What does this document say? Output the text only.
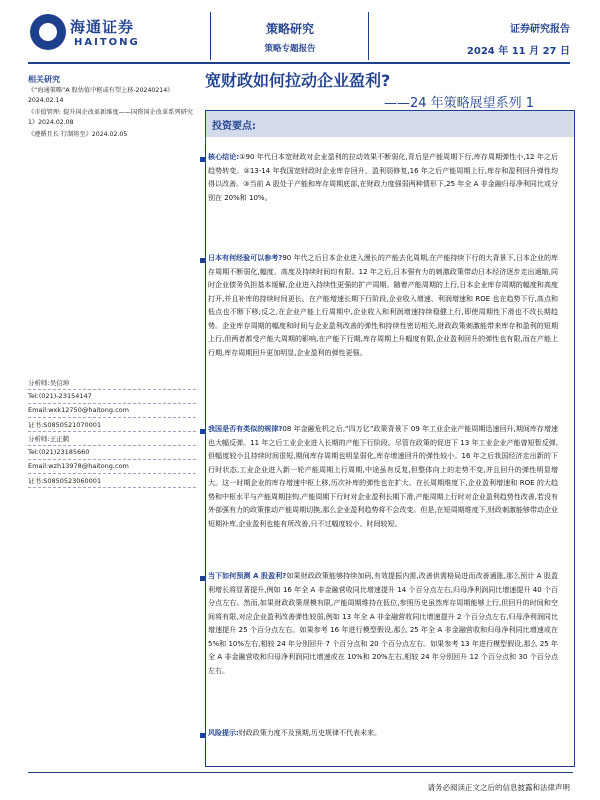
海通证券
HAITONG
策略研究
策略专题报告
证券研究报告
2024 年 11 月 27 日
宽财政如何拉动企业盈利?
——24 年策略展望系列 1
相关研究
《“海通策略”A 股估值中枢或有望上移-20240214》2024.02.14
《市值管理: 提升国企改革新维度——国资国企改革系列研究 1》2024.02.08
《遵循且长 行制将至》2024.02.05
分析师:吴信坤
Tel:(021)-23154147
Email:wxk12750@haitong.com
证书:S0850521070001
分析师:王正鹤
Tel:(021)23185660
Email:wzh13978@haitong.com
证书:S0850523060001
投资要点:
核心结论:①90 年代日本宽财政对企业盈利的拉动效果不断弱化,背后是产能周期下行,库存周期弹性小,12 年之后趋势转变。②13-14 年我国宽财政时企业库存回升、盈利弱修复,16 年之后产能周期上行,库存和盈利回升弹性均得以改善。③当前 A 股处于产能和库存周期底部,在财政力度强弱两种情形下,25 年全 A 非金融归母净利同比或分别在 20%和 10%。
日本有何经验可以参考?90 年代之后日本企业进入漫长的产能去化周期,在产能持续下行的大背景下,日本企业的库存周期不断弱化,幅度、高度及持续时间均有限。12 年之后,日本强有力的刺激政策带动日本经济逐步走出通缩,同时企业债务负担基本缓解,企业进入持续性更强的扩产周期。随着产能周期的上行,日本企业库存周期的幅度和高度打开,并且补库的持续时间更长。在产能增速长期下行阶段,企业收入增速、利润增速和 ROE 也在趋势下行,高点和低点也不断下移;反之,在企业产能上行周期中,企业收入和利润增速持续稳健上行,即使周期性下滑也不改长期趋势。企业库存周期的幅度和时间与企业盈利改善的弹性和持续性密切相关,财政政策刺激能带来库存和盈利的短期上行,但两者都受产能大周期的影响,在产能下行期,库存周期上升幅度有限,企业盈利回升的弹性也有限,而在产能上行期,库存周期回升更加明显,企业盈利的弹性更强。
我国是否有类似的规律?08 年金融危机之后,“四万亿”政策背景下 09 年工业企业产能周期迅速回升,期间库存增速也大幅反弹。11 年之后工业企业进入长期的产能下行阶段。尽管在政策的促进下 13 年工业企业产能曾短暂反弹,但幅度较小且持续时间很短,期间库存周期也明显弱化,库存增速回升的弹性较小。16 年之后我国经济走出新的下行时状态,工业企业进入新一轮产能周期上行周期,中途虽有反复,但整体向上的走势不变,并且回升的弹性明显增大。这一时期企业的库存增速中枢上移,历次补库的弹性也在扩大。在长周期维度下,企业盈利增速和 ROE 的大趋势和中枢水平与产能周期挂钩,产能周期下行时对企业盈利长期下滑,产能周期上行时对企业盈利趋势性改善,若没有外部强有力的政策推动产能周期切换,那么企业盈利趋势将不会改变。但是,在短周期维度下,财政刺激能够带动企业短期补库,企业盈利也能有所改善,只不过幅度较小、时间较短。
当下如何预测 A 股盈利?如果财政政策能够持续加码,有效提振内需,改善供需格局进而改善通胀,那么预计 A 股盈利增长将显著提升,例如 16 年全 A 非金融营收同比增速提升 14 个百分点左右,归母净利润同比增速提升 40 个百分点左右。然而,如果财政政策规模有限,产能周期维持在低位,参照历史虽然库存周期能够上行,但回升的时间和空间将有限,对应企业盈利改善弹性较弱,例如 13 年全 A 非金融营收同比增速提升 2 个百分点左右,归母净利润同比增速提升 25 个百分点左右。如果参考 16 年进行模型假设,那么 25 年全 A 非金融营收和归母净利同比增速或在 5%和 10%左右,相较 24 年分别回升 7 个百分点和 20 个百分点左右。如果参考 13 年进行模型假设,那么 25 年全 A 非金融营收和归母净利润同比增速或在 10%和 20%左右,相较 24 年分别回升 12 个百分点和 30 个百分点左右。
风险提示:财政政策力度不及预期,历史规律不代表未来。
请务必阅读正文之后的信息披露和法律声明
